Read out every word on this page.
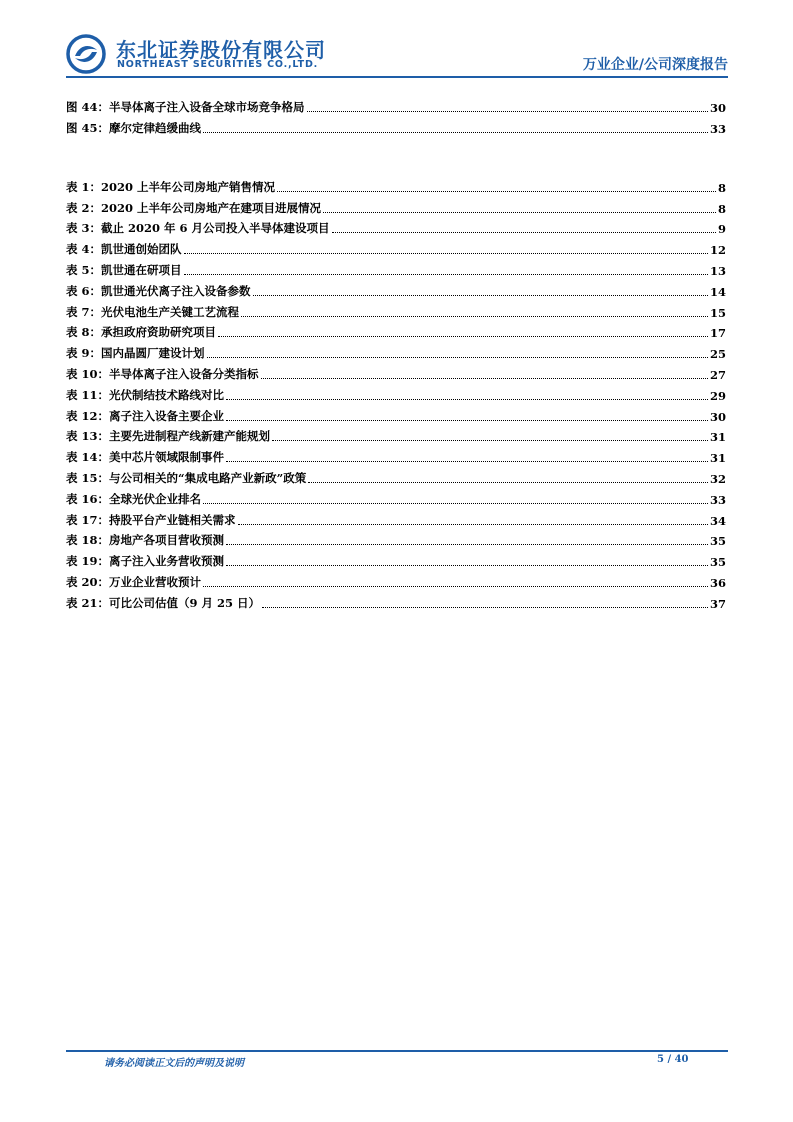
东北证券股份有限公司
NORTHEAST SECURITIES CO.,LTD.	万业企业/公司深度报告
图 44：半导体离子注入设备全球市场竞争格局	30
图 45：摩尔定律趋缓曲线	33
表 1：2020 上半年公司房地产销售情况	8
表 2：2020 上半年公司房地产在建项目进展情况	8
表 3：截止 2020 年 6 月公司投入半导体建设项目	9
表 4：凯世通创始团队	12
表 5：凯世通在研项目	13
表 6：凯世通光伏离子注入设备参数	14
表 7：光伏电池生产关键工艺流程	15
表 8：承担政府资助研究项目	17
表 9：国内晶圆厂建设计划	25
表 10：半导体离子注入设备分类指标	27
表 11：光伏制结技术路线对比	29
表 12：离子注入设备主要企业	30
表 13：主要先进制程产线新建产能规划	31
表 14：美中芯片领域限制事件	31
表 15：与公司相关的“集成电路产业新政”政策	32
表 16：全球光伏企业排名	33
表 17：持股平台产业链相关需求	34
表 18：房地产各项目营收预测	35
表 19：离子注入业务营收预测	35
表 20：万业企业营收预计	36
表 21：可比公司估值（9 月 25 日）	37
请务必阅读正文后的声明及说明	5 / 40
